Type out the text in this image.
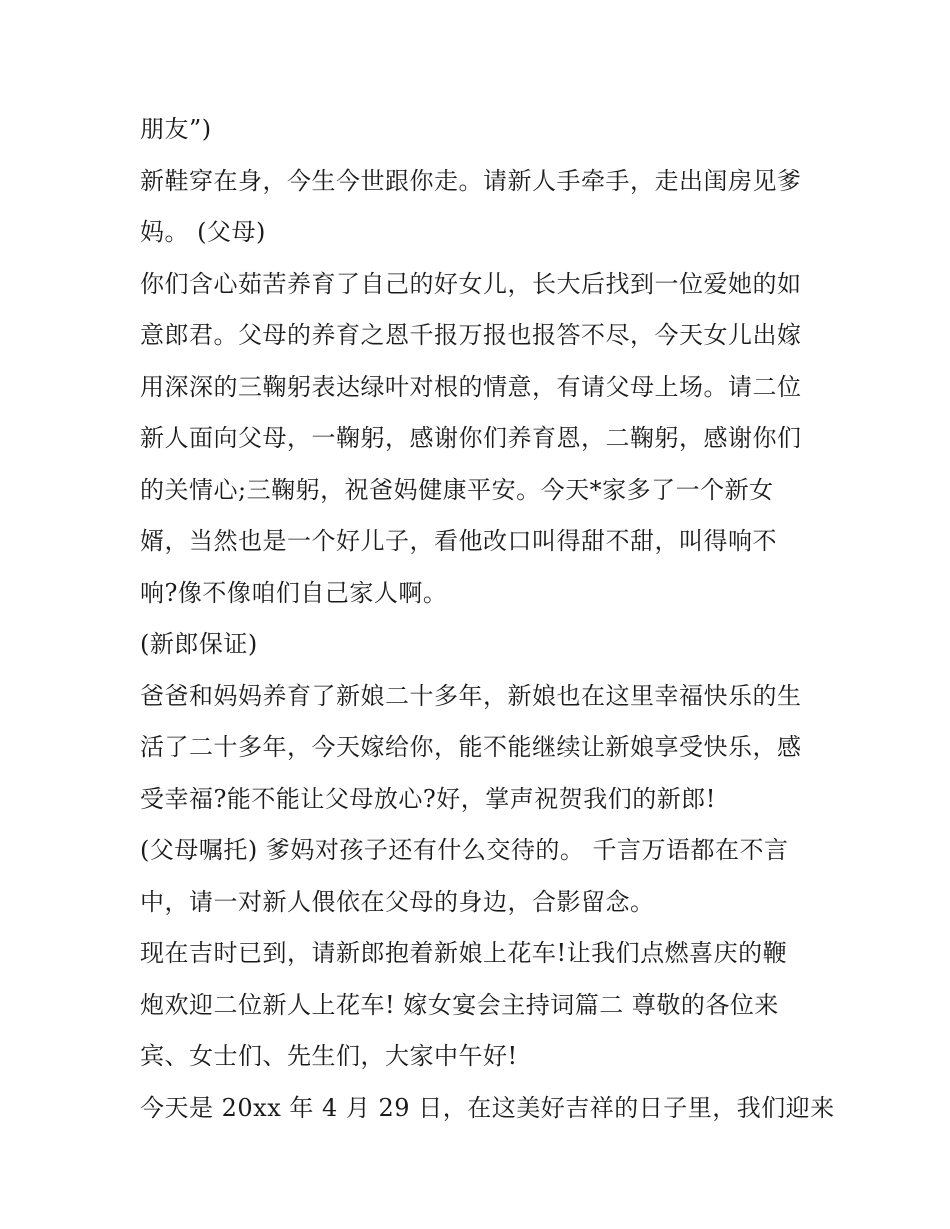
朋友”)
新鞋穿在身，今生今世跟你走。请新人手牵手，走出闺房见爹
妈。 (父母)
你们含心茹苦养育了自己的好女儿，长大后找到一位爱她的如
意郎君。父母的养育之恩千报万报也报答不尽，今天女儿出嫁
用深深的三鞠躬表达绿叶对根的情意，有请父母上场。请二位
新人面向父母，一鞠躬，感谢你们养育恩，二鞠躬，感谢你们
的关情心;三鞠躬，祝爸妈健康平安。今天*家多了一个新女
婿，当然也是一个好儿子，看他改口叫得甜不甜，叫得响不
响?像不像咱们自己家人啊。
(新郎保证)
爸爸和妈妈养育了新娘二十多年，新娘也在这里幸福快乐的生
活了二十多年，今天嫁给你，能不能继续让新娘享受快乐，感
受幸福?能不能让父母放心?好，掌声祝贺我们的新郎!
(父母嘱托) 爹妈对孩子还有什么交待的。 千言万语都在不言
中，请一对新人偎依在父母的身边，合影留念。
现在吉时已到，请新郎抱着新娘上花车!让我们点燃喜庆的鞭
炮欢迎二位新人上花车! 嫁女宴会主持词篇二 尊敬的各位来
宾、女士们、先生们，大家中午好!
今天是 20xx 年 4 月 29 日，在这美好吉祥的日子里，我们迎来
